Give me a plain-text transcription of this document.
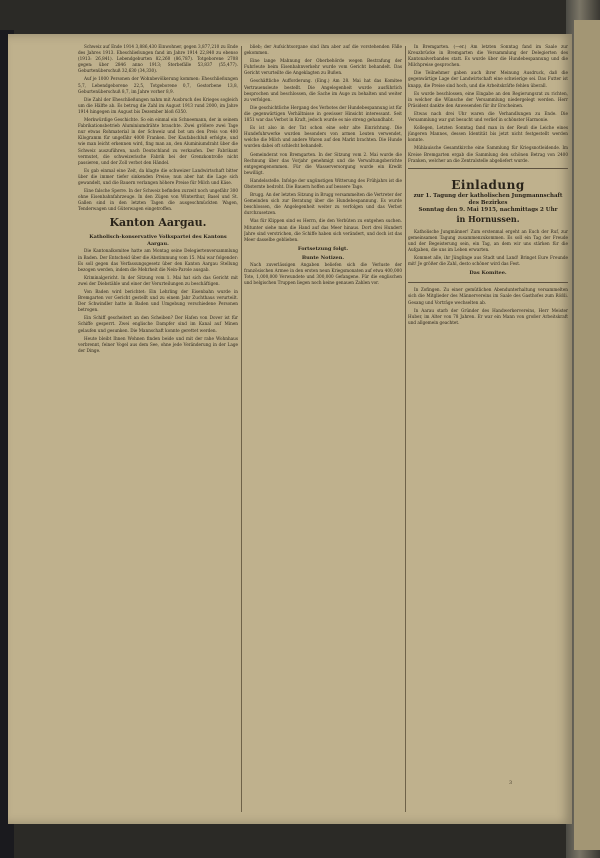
Schweiz auf Ende 1914 3,886,430 Einwohner, gegen 3,877,210 zu Ende des Jahres 1913. Eheschließungen fand im Jahre 1914 22,840 zu ebenso (1913: 26,841). Lebendgeburten 82,260 (86,787). Totgeborene 2708 gegen: über 2846 anno 1913; Sterbefälle 53,837 (55,477). Geburtenüberschuß 32,630 (34,330).

Auf je 1000 Personen der Wohnbevölkerung kommen: Eheschließungen 5,7, Lebendgeborene 22,5, Totgeborene 0,7, Gestorbene 13,8, Geburtenüberschuß 8,7, im Jahre vorher 8,9.

Die Zahl der Eheschließungen nahm mit Ausbruch des Krieges sogleich um die Hälfte ab. Es betrug die Zahl im August 1913 rund 2000, im Jahre 1914 hingegen im August bis Dezember bloß 6350.

Merkwürdige Geschichte. So ein einmal ein Schneemann, der in seinem Fabrikationsbetrieb Aluminiumdrähte brauchte. Zwei größere zwei Tage nur etwas Rohmaterial in der Schweiz und bot um den Preis von 400 Kilogramm für ungefähr 4000 Franken. Der Kaufabschluß erfolgte, und wie man leicht erkennen wird, fing man an, den Aluminiumdraht über die Schweiz auszuführen, nach Deutschland zu verkaufen. Der Fabrikant vermutet, die schweizerische Fabrik bei der Grenzkontrolle nicht passieren, und der Zoll verbot den Händel.

Es gab einmal eine Zeit, da klagte die schweizer Landwirtschaft bitter über die immer tiefer sinkenden Preise; nun aber hat die Lage sich gewandelt, und die Bauern verlangen höhere Preise für Milch und Käse.

Eine falsche Sperre. In der Schweiz befinden zurzeit noch ungefähr 300 ohne Eisenbahnfahrzeuge. In den Zügen von Winterthur, Basel und St. Gallen sind in den letzten Tagen die ausgeschmückten Wagen, Tenderwagen und Güterwagen eingetroffen.

Kanton Aargau.
Katholisch-konservative Volkspartei des Kantons Aargau.

Die Kantonalkomitee hatte am Montag seine Delegiertenversammlung in Baden. Der Entscheid über die Abstimmung vom 15. Mai war folgender: Es soll gegen das Verfassungsgesetz über den Kanton Aargau Stellung bezogen werden, indem die Mehrheit die Nein-Parole ausgab.

Kriminalgericht. In der Sitzung vom 1. Mai hat sich das Gericht mit zwei der Diebstähle und einer der Verurteilungen zu beschäftigen.

Von Baden wird berichtet: Ein Lehrling der Eisenbahn wurde in Bremgarten vor Gericht gestellt und zu einem Jahr Zuchthaus verurteilt. Der Schwindler hatte in Baden und Umgebung verschiedene Personen betrogen.

Ein Schiff gescheitert an den Scheiben? Der Hafen von Dover ist für Schiffe gesperrt. Zwei englische Dampfer sind im Kanal auf Minen gelaufen und gesunken. Die Mannschaft konnte gerettet werden.

Heute bleibt Ihnen Wohnen finden beide und mit der rahe Wohnhaus verbrennt, feiner Vogel aus dem See, ohne jede Veränderung in der Lage der Dinge.

blieb; der Aufsichtsorgane sind ihm aber auf die vorstehenden Fälle gekommen.

Eine lange Mahnung der Oberbehörde wegen Bestrafung der Fuhrleute beim Eisenbahnverkehr wurde vom Gericht behandelt. Das Gericht verurteilte die Angeklagten zu Bußen.

Geschäftliche Aufforderung. (Eing.) Am 28. Mai hat das Komitee Vertrauensleute bestellt. Die Angelegenheit wurde ausführlich besprochen und beschlossen, die Sache im Auge zu behalten und weiter zu verfolgen.

Die geschichtliche Hergang des Verbotes der Hundebespannung ist für die gegenwärtigen Verhältnisse in gewisser Hinsicht interessant. Seit 1851 war das Verbot in Kraft, jedoch wurde es nie streng gehandhabt.

Es ist also in der Tat schon eine sehr alte Einrichtung. Die Hundefuhrwerke wurden besonders von armen Leuten verwendet, welche die Milch und andere Waren auf den Markt brachten. Die Hunde wurden dabei oft schlecht behandelt.

Gemeinderat von Bremgarten. In der Sitzung vom 2. Mai wurde die Rechnung über das Vorjahr genehmigt und die Verwaltungsberichte entgegengenommen. Für die Wasserversorgung wurde ein Kredit bewilligt.

Handelsstelle. Infolge der ungünstigen Witterung des Frühjahrs ist die Obsternte bedroht. Die Bauern hoffen auf bessere Tage.

Brugg. An der letzten Sitzung in Brugg versammelten die Vertreter der Gemeinden sich zur Beratung über die Hundebespannung. Es wurde beschlossen, die Angelegenheit weiter zu verfolgen und das Verbot durchzusetzen.

Was für Klippen sind es Herrn, die den Verbüten zu entgehen suchen. Mitunter siehe man die Hand auf das Meer hinaus. Dort drei Hundert Jahre sind verstrichen, die Schiffe haben sich verändert, und doch ist das Meer dasselbe geblieben.

Fortsetzung folgt.
Bunte Notizen.

Nach zuverlässigen Angaben beliefen sich die Verluste der französischen Armee in den ersten neun Kriegsmonaten auf etwa 400,000 Tote, 1,000,000 Verwundete und 300,000 Gefangene. Für die englischen und belgischen Truppen liegen noch keine genauen Zahlen vor.

In Bremgarten. (—er.) Am letzten Sonntag fand im Saale zur Kreuzbrücke in Bremgarten die Versammlung der Delegierten des Kantonalverbandes statt. Es wurde über die Hundebespannung und die Milchpreise gesprochen.

Die Teilnehmer gaben auch ihrer Meinung Ausdruck, daß die gegenwärtige Lage der Landwirtschaft eine schwierige sei. Das Futter ist knapp, die Preise sind hoch, und die Arbeitskräfte fehlen überall.

Es wurde beschlossen, eine Eingabe an den Regierungsrat zu richten, in welcher die Wünsche der Versammlung niedergelegt werden. Herr Präsident dankte den Anwesenden für ihr Erscheinen.

Etwas nach drei Uhr waren die Verhandlungen zu Ende. Die Versammlung war gut besucht und verlief in schönster Harmonie.

Kollegen, Letzten Sonntag fand man in der Reuß die Leiche eines jüngeren Mannes, dessen Identität bis jetzt nicht festgestellt werden konnte.

Mühlauische Gesamtkirche eine Sammlung für Kriegsnotleidende. Im Kreise Bremgarten ergab die Sammlung den schönen Betrag von 2400 Franken, welcher an die Zentralstelle abgeliefert wurde.

Einladung
zur 1. Tagung der katholischen Jungmannschaft des Bezirkes
Sonntag den 9. Mai 1915, nachmittags 2 Uhr
in Hornussen.

Katholische Jungmänner! Zum erstenmal ergeht an Euch der Ruf, zur gemeinsamen Tagung zusammenzukommen. Es soll ein Tag der Freude und der Begeisterung sein, ein Tag, an dem wir uns stärken für die Aufgaben, die uns im Leben erwarten.

Kommet alle, ihr Jünglinge aus Stadt und Land! Bringet Eure Freunde mit! Je größer die Zahl, desto schöner wird das Fest.

Das Komitee.

In Zofingen. Zu einer gemütlichen Abendunterhaltung versammelten sich die Mitglieder des Männervereins im Saale des Gasthofes zum Rößli. Gesang und Vorträge wechselten ab.

In Aarau starb der Gründer des Handwerkervereins, Herr Meister Huber, im Alter von 78 Jahren. Er war ein Mann von großer Arbeitskraft und allgemein geachtet.

3
